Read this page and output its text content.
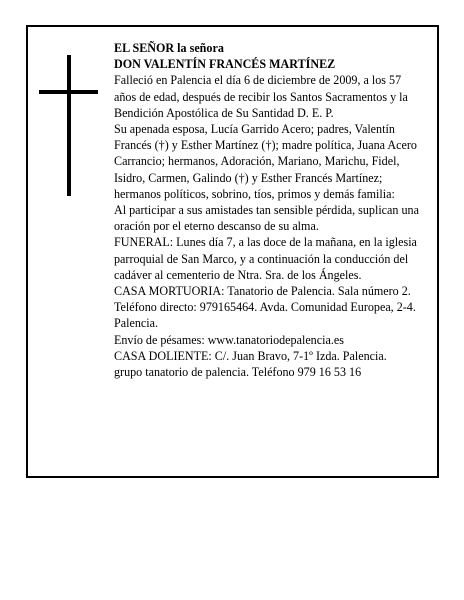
EL SEÑOR la señora

DON VALENTÍN FRANCÉS MARTÍNEZ

Falleció en Palencia el día 6 de diciembre de 2009, a los 57 años de edad, después de recibir los Santos Sacramentos y la Bendición Apostólica de Su Santidad D. E. P.

Su apenada esposa, Lucía Garrido Acero; padres, Valentín Francés (†) y Esther Martínez (†); madre política, Juana Acero Carrancio; hermanos, Adoración, Mariano, Marichu, Fidel, Isidro, Carmen, Galindo (†) y Esther Francés Martínez; hermanos políticos, sobrino, tíos, primos y demás familia:

Al participar a sus amistades tan sensible pérdida, suplican una oración por el eterno descanso de su alma.

FUNERAL: Lunes día 7, a las doce de la mañana, en la iglesia parroquial de San Marco, y a continuación la conducción del cadáver al cementerio de Ntra. Sra. de los Ángeles.

CASA MORTUORIA: Tanatorio de Palencia. Sala número 2. Teléfono directo: 979165464. Avda. Comunidad Europea, 2-4. Palencia.

Envío de pésames: www.tanatoriodepalencia.es

CASA DOLIENTE: C/. Juan Bravo, 7-1º Izda. Palencia.

grupo tanatorio de palencia. Teléfono 979 16 53 16
